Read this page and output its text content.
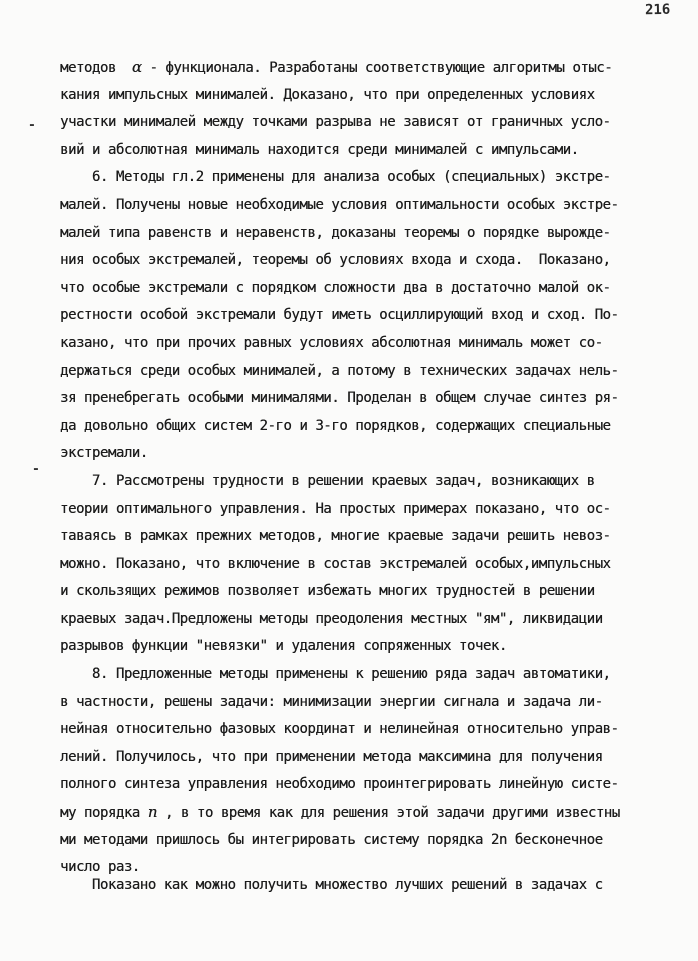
216
-
-
методов  α - функционала. Разработаны соответствующие алгоритмы отыс-
кания импульсных минималей. Доказано, что при определенных условиях
участки минималей между точками разрыва не зависят от граничных усло-
вий и абсолютная минималь находится среди минималей с импульсами.
6. Методы гл.2 применены для анализа особых (специальных) экстре-
малей. Получены новые необходимые условия оптимальности особых экстре-
малей типа равенств и неравенств, доказаны теоремы о порядке вырожде-
ния особых экстремалей, теоремы об условиях входа и схода.  Показано,
что особые экстремали с порядком сложности два в достаточно малой ок-
рестности особой экстремали будут иметь осциллирующий вход и сход. По-
казано, что при прочих равных условиях абсолютная минималь может со-
держаться среди особых минималей, а потому в технических задачах нель-
зя пренебрегать особыми минималями. Проделан в общем случае синтез ря-
да довольно общих систем 2-го и 3-го порядков, содержащих специальные
экстремали.
7. Рассмотрены трудности в решении краевых задач, возникающих в
теории оптимального управления. На простых примерах показано, что ос-
таваясь в рамках прежних методов, многие краевые задачи решить невоз-
можно. Показано, что включение в состав экстремалей особых,импульсных
и скользящих режимов позволяет избежать многих трудностей в решении
краевых задач.Предложены методы преодоления местных "ям", ликвидации
разрывов функции "невязки" и удаления сопряженных точек.
8. Предложенные методы применены к решению ряда задач автоматики,
в частности, решены задачи: минимизации энергии сигнала и задача ли-
нейная относительно фазовых координат и нелинейная относительно управ-
лений. Получилось, что при применении метода максимина для получения
полного синтеза управления необходимо проинтегрировать линейную систе-
му порядка n , в то время как для решения этой задачи другими известны
ми методами пришлось бы интегрировать систему порядка 2n бесконечное
число раз.
Показано как можно получить множество лучших решений в задачах с
